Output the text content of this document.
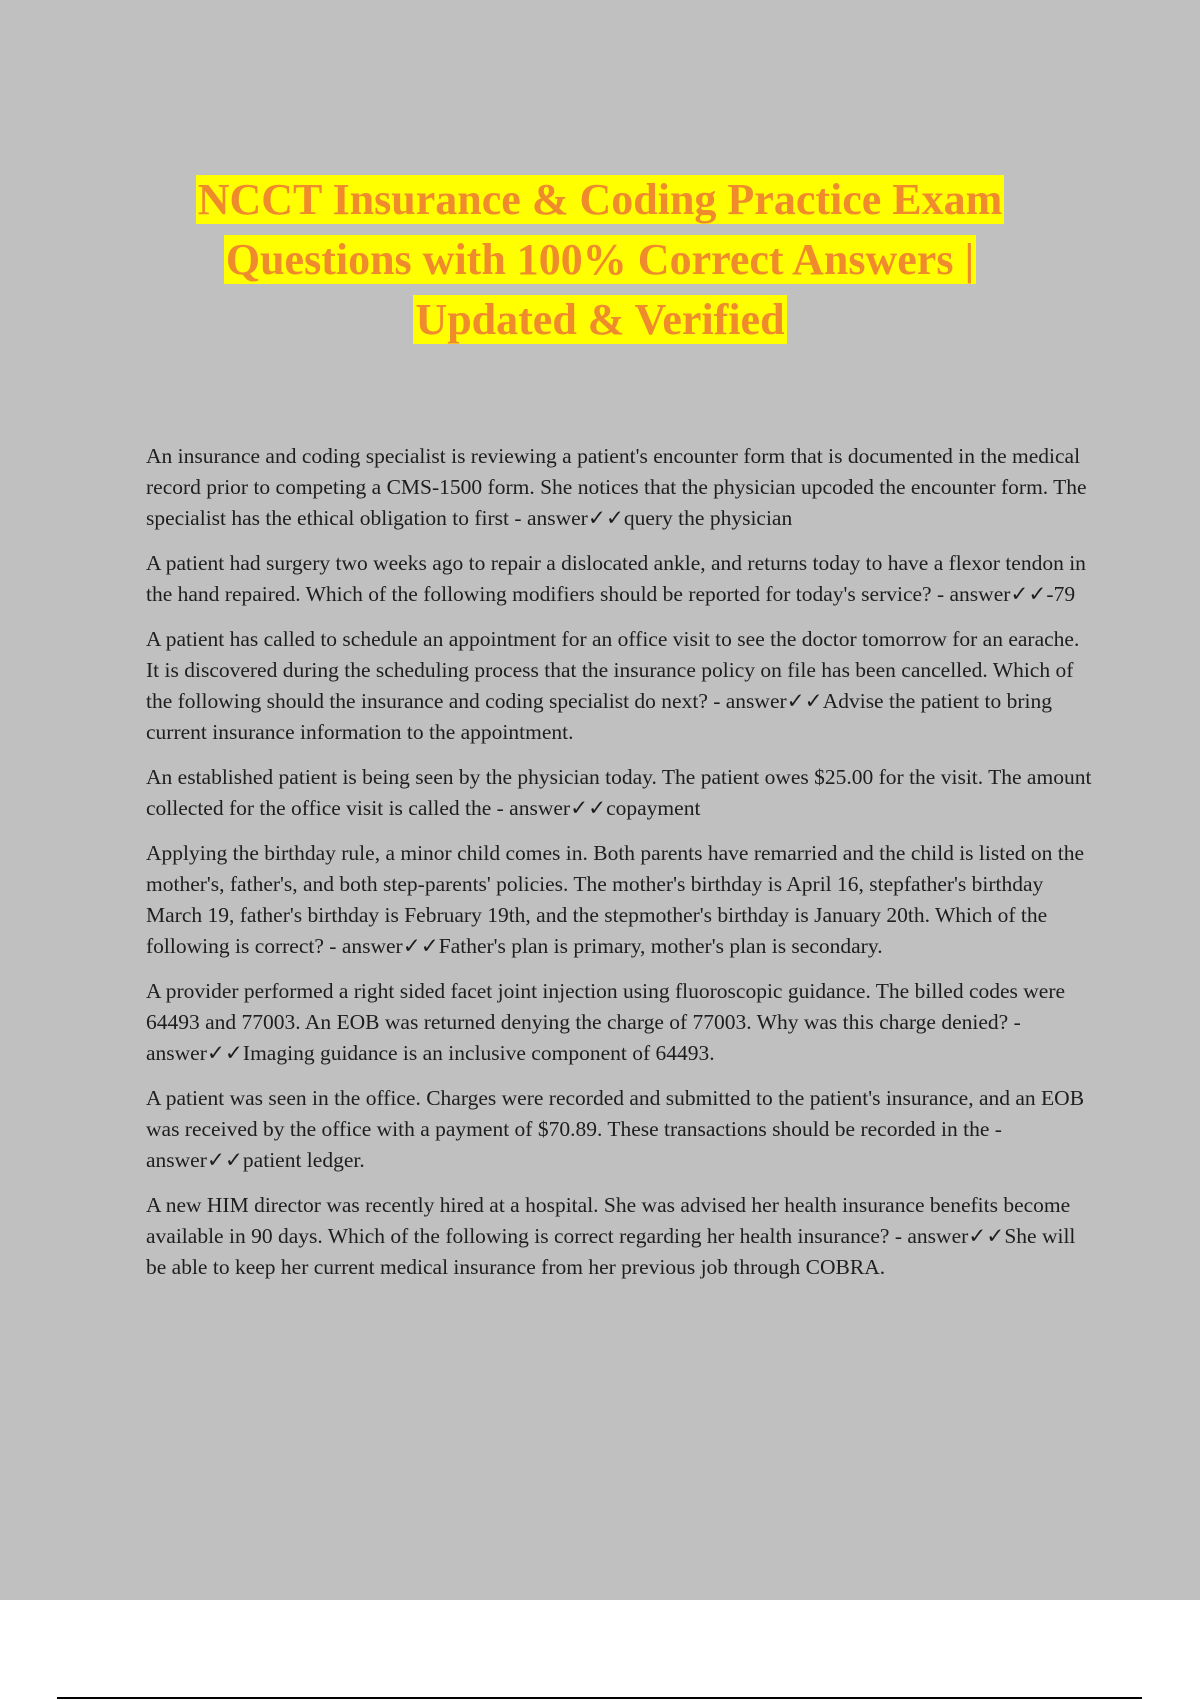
NCCT Insurance & Coding Practice Exam
Questions with 100% Correct Answers |
Updated & Verified

An insurance and coding specialist is reviewing a patient's encounter form that is documented in the medical record prior to competing a CMS-1500 form. She notices that the physician upcoded the encounter form. The specialist has the ethical obligation to first - answer✓✓query the physician

A patient had surgery two weeks ago to repair a dislocated ankle, and returns today to have a flexor tendon in the hand repaired. Which of the following modifiers should be reported for today's service? - answer✓✓-79

A patient has called to schedule an appointment for an office visit to see the doctor tomorrow for an earache. It is discovered during the scheduling process that the insurance policy on file has been cancelled. Which of the following should the insurance and coding specialist do next? - answer✓✓Advise the patient to bring current insurance information to the appointment.

An established patient is being seen by the physician today. The patient owes $25.00 for the visit. The amount collected for the office visit is called the - answer✓✓copayment

Applying the birthday rule, a minor child comes in. Both parents have remarried and the child is listed on the mother's, father's, and both step-parents' policies. The mother's birthday is April 16, stepfather's birthday March 19, father's birthday is February 19th, and the stepmother's birthday is January 20th. Which of the following is correct? - answer✓✓Father's plan is primary, mother's plan is secondary.

A provider performed a right sided facet joint injection using fluoroscopic guidance. The billed codes were 64493 and 77003. An EOB was returned denying the charge of 77003. Why was this charge denied? - answer✓✓Imaging guidance is an inclusive component of 64493.

A patient was seen in the office. Charges were recorded and submitted to the patient's insurance, and an EOB was received by the office with a payment of $70.89. These transactions should be recorded in the - answer✓✓patient ledger.

A new HIM director was recently hired at a hospital. She was advised her health insurance benefits become available in 90 days. Which of the following is correct regarding her health insurance? - answer✓✓She will be able to keep her current medical insurance from her previous job through COBRA.
